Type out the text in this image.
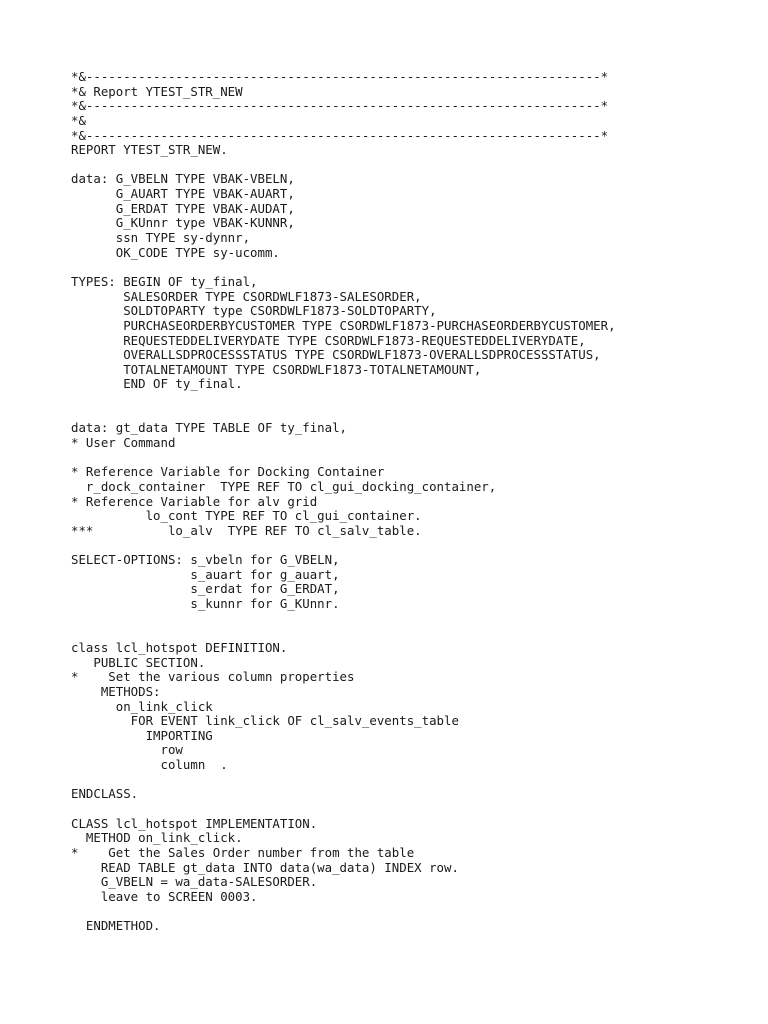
*&---------------------------------------------------------------------*
*& Report YTEST_STR_NEW
*&---------------------------------------------------------------------*
*&
*&---------------------------------------------------------------------*
REPORT YTEST_STR_NEW.
data: G_VBELN TYPE VBAK-VBELN,
G_AUART TYPE VBAK-AUART,
G_ERDAT TYPE VBAK-AUDAT,
G_KUnnr type VBAK-KUNNR,
ssn TYPE sy-dynnr,
OK_CODE TYPE sy-ucomm.
TYPES: BEGIN OF ty_final,
SALESORDER TYPE CSORDWLF1873-SALESORDER,
SOLDTOPARTY type CSORDWLF1873-SOLDTOPARTY,
PURCHASEORDERBYCUSTOMER TYPE CSORDWLF1873-PURCHASEORDERBYCUSTOMER,
REQUESTEDDELIVERYDATE TYPE CSORDWLF1873-REQUESTEDDELIVERYDATE,
OVERALLSDPROCESSSTATUS TYPE CSORDWLF1873-OVERALLSDPROCESSSTATUS,
TOTALNETAMOUNT TYPE CSORDWLF1873-TOTALNETAMOUNT,
END OF ty_final.
data: gt_data TYPE TABLE OF ty_final,
* User Command
* Reference Variable for Docking Container
r_dock_container  TYPE REF TO cl_gui_docking_container,
* Reference Variable for alv grid
lo_cont TYPE REF TO cl_gui_container.
***          lo_alv  TYPE REF TO cl_salv_table.
SELECT-OPTIONS: s_vbeln for G_VBELN,
s_auart for g_auart,
s_erdat for G_ERDAT,
s_kunnr for G_KUnnr.
class lcl_hotspot DEFINITION.
PUBLIC SECTION.
*    Set the various column properties
METHODS:
on_link_click
FOR EVENT link_click OF cl_salv_events_table
IMPORTING
row
column  .
ENDCLASS.
CLASS lcl_hotspot IMPLEMENTATION.
METHOD on_link_click.
*    Get the Sales Order number from the table
READ TABLE gt_data INTO data(wa_data) INDEX row.
G_VBELN = wa_data-SALESORDER.
leave to SCREEN 0003.
ENDMETHOD.
